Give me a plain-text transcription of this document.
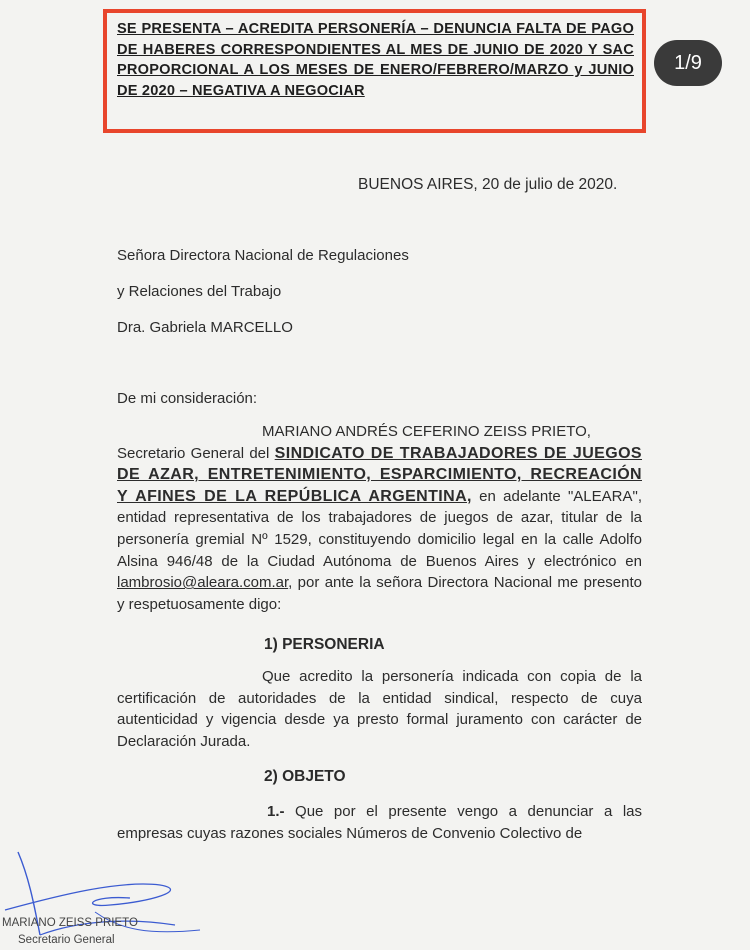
SE PRESENTA – ACREDITA PERSONERÍA – DENUNCIA FALTA DE PAGO DE HABERES CORRESPONDIENTES AL MES DE JUNIO DE 2020 Y SAC PROPORCIONAL A LOS MESES DE ENERO/FEBRERO/MARZO y JUNIO DE 2020 – NEGATIVA A NEGOCIAR
1/9
BUENOS AIRES, 20 de julio de 2020.
Señora Directora Nacional de Regulaciones
y Relaciones del Trabajo
Dra. Gabriela MARCELLO
De mi consideración:
MARIANO ANDRÉS CEFERINO ZEISS PRIETO,
Secretario General del SINDICATO DE TRABAJADORES DE JUEGOS DE AZAR, ENTRETENIMIENTO, ESPARCIMIENTO, RECREACIÓN Y AFINES DE LA REPÚBLICA ARGENTINA, en adelante "ALEARA", entidad representativa de los trabajadores de juegos de azar, titular de la personería gremial Nº 1529, constituyendo domicilio legal en la calle Adolfo Alsina 946/48 de la Ciudad Autónoma de Buenos Aires y electrónico en lambrosio@aleara.com.ar, por ante la señora Directora Nacional me presento y respetuosamente digo:
1) PERSONERIA
Que acredito la personería indicada con copia de la certificación de autoridades de la entidad sindical, respecto de cuya autenticidad y vigencia desde ya presto formal juramento con carácter de Declaración Jurada.
2) OBJETO
1.- Que por el presente vengo a denunciar a las empresas cuyas razones sociales Números de Convenio Colectivo de
MARIANO ZEISS PRIETO
Secretario General
